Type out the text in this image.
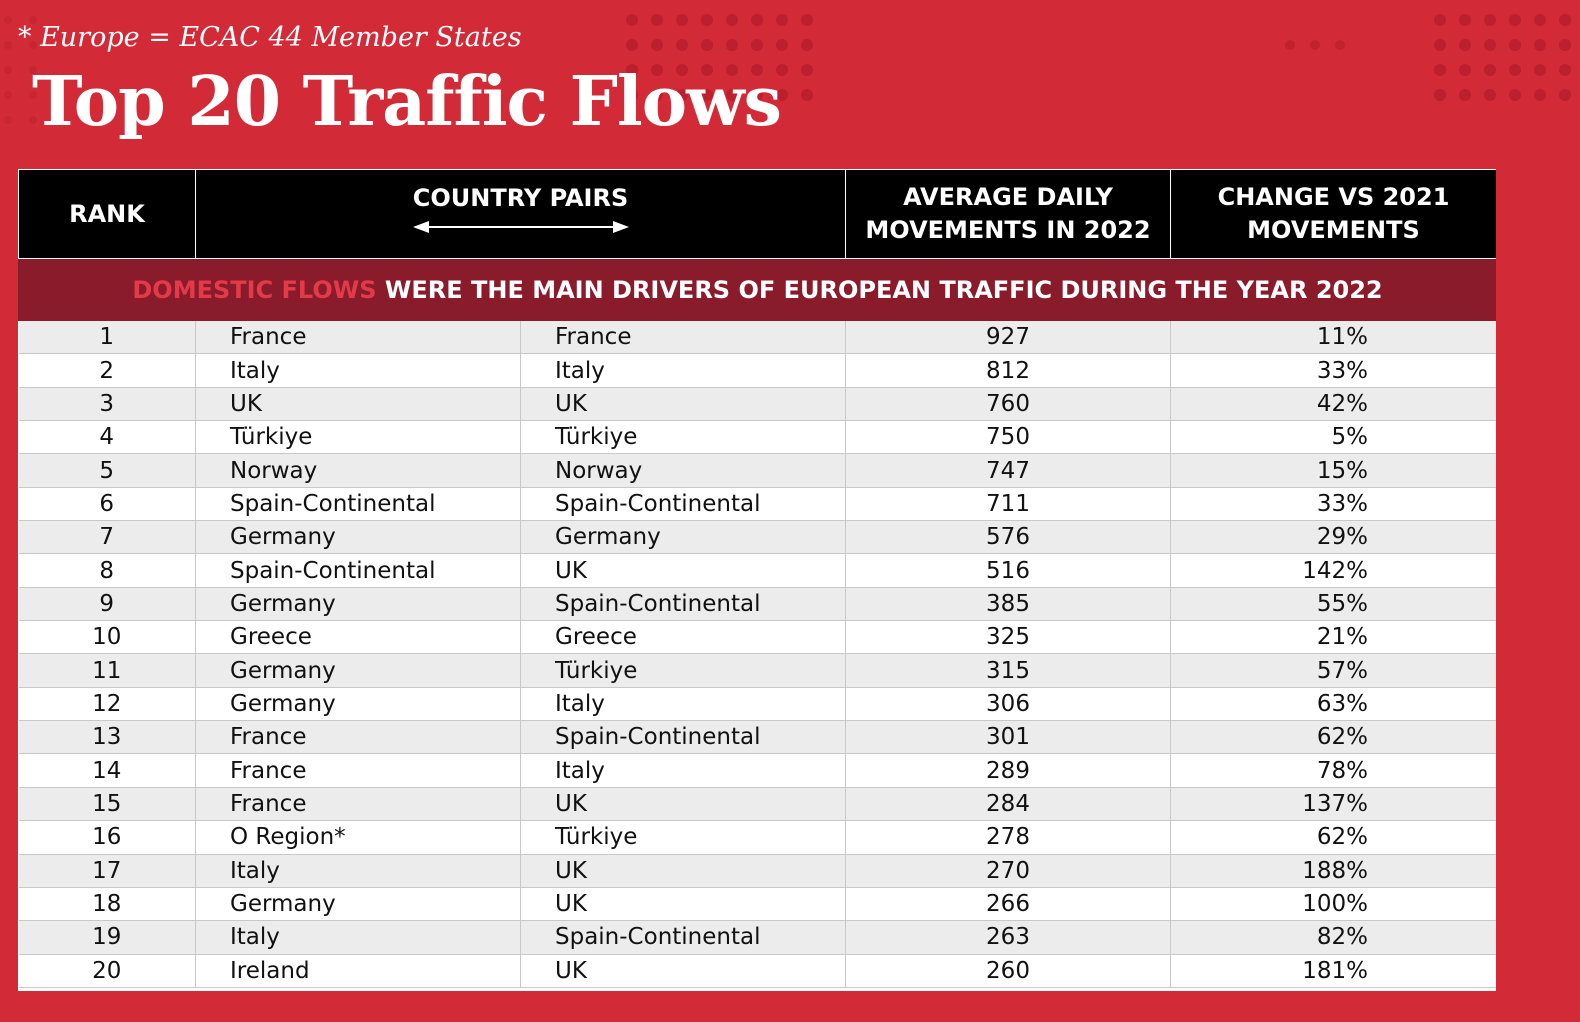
* Europe = ECAC 44 Member States
Top 20 Traffic Flows
RANK	COUNTRY PAIRS		AVERAGE DAILY MOVEMENTS IN 2022	CHANGE VS 2021 MOVEMENTS
DOMESTIC FLOWS WERE THE MAIN DRIVERS OF EUROPEAN TRAFFIC DURING THE YEAR 2022				
1	France	France	927	11%
2	Italy	Italy	812	33%
3	UK	UK	760	42%
4	Türkiye	Türkiye	750	5%
5	Norway	Norway	747	15%
6	Spain-Continental	Spain-Continental	711	33%
7	Germany	Germany	576	29%
8	Spain-Continental	UK	516	142%
9	Germany	Spain-Continental	385	55%
10	Greece	Greece	325	21%
11	Germany	Türkiye	315	57%
12	Germany	Italy	306	63%
13	France	Spain-Continental	301	62%
14	France	Italy	289	78%
15	France	UK	284	137%
16	O Region*	Türkiye	278	62%
17	Italy	UK	270	188%
18	Germany	UK	266	100%
19	Italy	Spain-Continental	263	82%
20	Ireland	UK	260	181%
